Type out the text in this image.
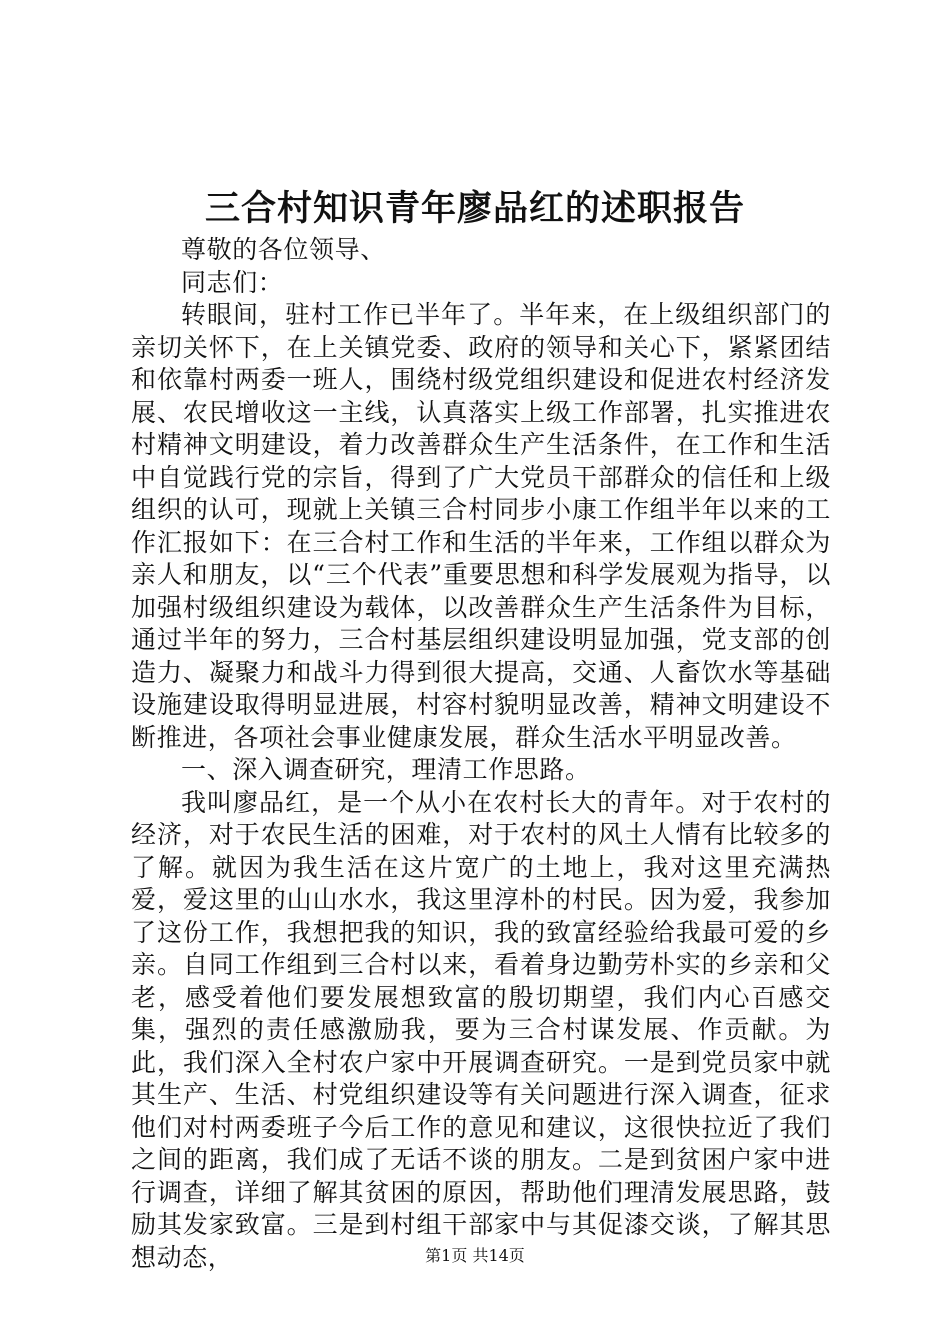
三合村知识青年廖品红的述职报告

尊敬的各位领导、

同志们：

转眼间，驻村工作已半年了。半年来，在上级组织部门的亲切关怀下，在上关镇党委、政府的领导和关心下，紧紧团结和依靠村两委一班人，围绕村级党组织建设和促进农村经济发展、农民增收这一主线，认真落实上级工作部署，扎实推进农村精神文明建设，着力改善群众生产生活条件，在工作和生活中自觉践行党的宗旨，得到了广大党员干部群众的信任和上级组织的认可，现就上关镇三合村同步小康工作组半年以来的工作汇报如下：在三合村工作和生活的半年来，工作组以群众为亲人和朋友，以“三个代表”重要思想和科学发展观为指导，以加强村级组织建设为载体，以改善群众生产生活条件为目标，通过半年的努力，三合村基层组织建设明显加强，党支部的创造力、凝聚力和战斗力得到很大提高，交通、人畜饮水等基础设施建设取得明显进展，村容村貌明显改善，精神文明建设不断推进，各项社会事业健康发展，群众生活水平明显改善。

一、深入调查研究，理清工作思路。

我叫廖品红，是一个从小在农村长大的青年。对于农村的经济，对于农民生活的困难，对于农村的风土人情有比较多的了解。就因为我生活在这片宽广的土地上，我对这里充满热爱，爱这里的山山水水，我这里淳朴的村民。因为爱，我参加了这份工作，我想把我的知识，我的致富经验给我最可爱的乡亲。自同工作组到三合村以来，看着身边勤劳朴实的乡亲和父老，感受着他们要发展想致富的殷切期望，我们内心百感交集，强烈的责任感激励我，要为三合村谋发展、作贡献。为此，我们深入全村农户家中开展调查研究。一是到党员家中就其生产、生活、村党组织建设等有关问题进行深入调查，征求他们对村两委班子今后工作的意见和建议，这很快拉近了我们之间的距离，我们成了无话不谈的朋友。二是到贫困户家中进行调查，详细了解其贫困的原因，帮助他们理清发展思路，鼓励其发家致富。三是到村组干部家中与其促漆交谈，了解其思想动态，	第1页 共14页
